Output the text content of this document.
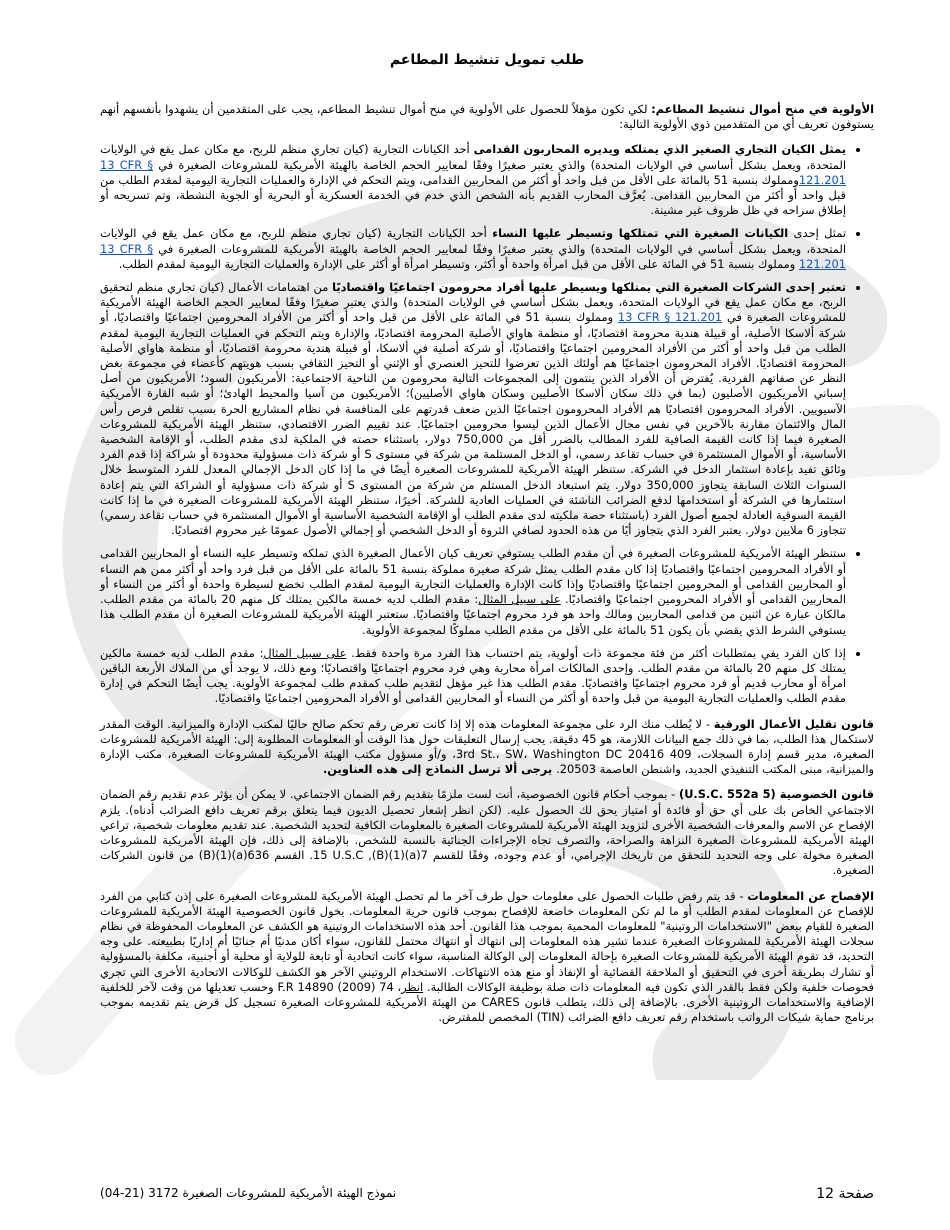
طلب تمويل تنشيط المطاعم

الأولوية في منح أموال تنشيط المطاعم: لكي تكون مؤهلاً للحصول على الأولوية في منح أموال تنشيط المطاعم، يجب على المتقدمين أن يشهدوا بأنفسهم أنهم يستوفون تعريف أي من المتقدمين ذوي الأولوية التالية:

• يمثل الكيان التجاري الصغير الذي يمتلكه ويديره المحاربون القدامى أحد الكيانات التجارية (كيان تجاري منظم للربح، مع مكان عمل يقع في الولايات المتحدة، ويعمل بشكل أساسي في الولايات المتحدة) والذي يعتبر صغيرًا وفقًا لمعايير الحجم الخاصة بالهيئة الأمريكية للمشروعات الصغيرة في 13 CFR § 121.201ومملوك بنسبة 51 بالمائة على الأقل من قبل واحد أو أكثر من المحاربين القدامى، ويتم التحكم في الإدارة والعمليات التجارية اليومية لمقدم الطلب من قبل واحد أو أكثر من المحاربين القدامى. يُعرَّف المحارب القديم بأنه الشخص الذي خدم في الخدمة العسكرية أو البحرية أو الجوية النشطة، وتم تسريحه أو إطلاق سراحه في ظل ظروف غير مشينة.
• تمثل إحدى الكيانات الصغيرة التي تمتلكها وتسيطر عليها النساء أحد الكيانات التجارية (كيان تجاري منظم للربح، مع مكان عمل يقع في الولايات المتحدة، ويعمل بشكل أساسي في الولايات المتحدة) والذي يعتبر صغيرًا وفقًا لمعايير الحجم الخاصة بالهيئة الأمريكية للمشروعات الصغيرة في 13 CFR § 121.201 ومملوك بنسبة 51 في المائة على الأقل من قبل امرأة واحدة أو أكثر، وتسيطر امرأة أو أكثر على الإدارة والعمليات التجارية اليومية لمقدم الطلب.
• تعتبر إحدى الشركات الصغيرة التي يمتلكها ويسيطر عليها أفراد محرومون اجتماعيًا واقتصاديًا من اهتمامات الأعمال (كيان تجاري منظم لتحقيق الربح، مع مكان عمل يقع في الولايات المتحدة، ويعمل بشكل أساسي في الولايات المتحدة) والذي يعتبر صغيرًا وفقًا لمعايير الحجم الخاصة الهيئة الأمريكية للمشروعات الصغيرة في 13 CFR § 121.201 ومملوك بنسبة 51 في المائة على الأقل من قبل واحد أو أكثر من الأفراد المحرومين اجتماعيًا واقتصاديًا، أو شركة ألاسكا الأصلية، أو قبيلة هندية محرومة اقتصاديًا، أو منظمة هاواي الأصلية المحرومة اقتصاديًا، والإدارة ويتم التحكم في العمليات التجارية اليومية لمقدم الطلب من قبل واحد أو أكثر من الأفراد المحرومين اجتماعيًا واقتصاديًا، أو شركة أصلية في ألاسكا، أو قبيلة هندية محرومة اقتصاديًا، أو منظمة هاواي الأصلية المحرومة اقتصاديًا. الأفراد المحرومون اجتماعيًا هم أولئك الذين تعرضوا للتحيز العنصري أو الإثني أو التحيز الثقافي بسبب هويتهم كأعضاء في مجموعة بغض النظر عن صفاتهم الفردية. يُفترض أن الأفراد الذين ينتمون إلى المجموعات التالية محرومون من الناحية الاجتماعية: الأمريكيون السود؛ الأمريكيون من أصل إسباني الأمريكيون الأصليون (بما في ذلك سكان ألاسكا الأصليين وسكان هاواي الأصليين)؛ الأمريكيون من آسيا والمحيط الهادئ؛ أو شبه القارة الأمريكية الآسيويين. الأفراد المحرومون اقتصاديًا هم الأفراد المحرومون اجتماعيًا الذين ضعف قدرتهم على المنافسة في نظام المشاريع الحرة بسبب تقلص فرص رأس المال والائتمان مقارنة بالآخرين في نفس مجال الأعمال الذين ليسوا محرومين اجتماعيًا. عند تقييم الضرر الاقتصادي، ستنظر الهيئة الأمريكية للمشروعات الصغيرة فيما إذا كانت القيمة الصافية للفرد المطالب بالضرر أقل من 750,000 دولار، باستثناء حصته في الملكية لدى مقدم الطلب، أو الإقامة الشخصية الأساسية، أو الأموال المستثمرة في حساب تقاعد رسمي، أو الدخل المستلمة من شركة في مستوى S أو شركة ذات مسؤولية محدودة أو شراكة إذا قدم الفرد وثائق تفيد بإعادة استثمار الدخل في الشركة. ستنظر الهيئة الأمريكية للمشروعات الصغيرة أيضًا في ما إذا كان الدخل الإجمالي المعدل للفرد المتوسط خلال السنوات الثلاث السابقة يتجاوز 350,000 دولار. يتم استبعاد الدخل المستلم من شركة من المستوى S أو شركة ذات مسؤولية أو الشراكة التي يتم إعادة استثمارها في الشركة أو استخدامها لدفع الضرائب الناشئة في العمليات العادية للشركة. أخيرًا، ستنظر الهيئة الأمريكية للمشروعات الصغيرة في ما إذا كانت القيمة السوقية العادلة لجميع أصول الفرد (باستثناء حصة ملكيته لدى مقدم الطلب أو الإقامة الشخصية الأساسية أو الأموال المستثمرة في حساب تقاعد رسمي) تتجاوز 6 ملايين دولار. يعتبر الفرد الذي يتجاوز أيًا من هذه الحدود لصافي الثروة أو الدخل الشخصي أو إجمالي الأصول عمومًا غير محروم اقتصاديًا.
• ستنظر الهيئة الأمريكية للمشروعات الصغيرة في أن مقدم الطلب يستوفي تعريف كيان الأعمال الصغيرة الذي تملكه وتسيطر عليه النساء أو المحاربين القدامى أو الأفراد المحرومين اجتماعيًا واقتصاديًا إذا كان مقدم الطلب يمثل شركة صغيرة مملوكة بنسبة 51 بالمائة على الأقل من قبل فرد واحد أو أكثر ممن هم النساء أو المحاربين القدامى أو المحرومين اجتماعيًا واقتصاديًا وإذا كانت الإدارة والعمليات التجارية اليومية لمقدم الطلب تخضع لسيطرة واحدة أو أكثر من النساء أو المحاربين القدامى أو الأفراد المحرومين اجتماعيًا واقتصاديًا. على سبيل المثال: مقدم الطلب لديه خمسة مالكين يمتلك كل منهم 20 بالمائة من مقدم الطلب. مالكان عبارة عن اثنين من قدامى المحاربين ومالك واحد هو فرد محروم اجتماعيًا واقتصاديًا. ستعتبر الهيئة الأمريكية للمشروعات الصغيرة أن مقدم الطلب هذا يستوفي الشرط الذي يقضي بأن يكون 51 بالمائة على الأقل من مقدم الطلب مملوكًا لمجموعة الأولوية.
• إذا كان الفرد يفي بمتطلبات أكثر من فئة مجموعة ذات أولوية، يتم احتساب هذا الفرد مرة واحدة فقط. على سبيل المثال: مقدم الطلب لديه خمسة مالكين يمتلك كل منهم 20 بالمائة من مقدم الطلب. وإحدى المالكات امرأة محاربة وهي فرد محروم اجتماعيًا واقتصاديًا؛ ومع ذلك، لا يوجد أي من الملاك الأربعة الباقين امرأة أو محارب قديم أو فرد محروم اجتماعيًا واقتصاديًا. مقدم الطلب هذا غير مؤهل لتقديم طلب كمقدم طلب لمجموعة الأولوية. يجب أيضًا التحكم في إدارة مقدم الطلب والعمليات التجارية اليومية من قبل واحدة أو أكثر من النساء أو المحاربين القدامى أو الأفراد المحرومين اجتماعيًا واقتصاديًا.

قانون تقليل الأعمال الورقية - لا يُطلب منك الرد على مجموعة المعلومات هذه إلا إذا كانت تعرض رقم تحكم صالح حاليًا لمكتب الإدارة والميزانية. الوقت المقدر لاستكمال هذا الطلب، بما في ذلك جمع البيانات اللازمة، هو 45 دقيقة. يجب إرسال التعليقات حول هذا الوقت أو المعلومات المطلوبة إلى: الهيئة الأمريكية للمشروعات الصغيرة، مدير قسم إدارة السجلات، 409 3rd St.، SW، Washington DC 20416، و/أو مسؤول مكتب الهيئة الأمريكية للمشروعات الصغيرة، مكتب الإدارة والميزانية، مبنى المكتب التنفيذي الجديد، واشنطن العاصمة 20503. يرجى ألا ترسل النماذج إلى هذه العناوين.

قانون الخصوصية (5 U.S.C. 552a) - بموجب أحكام قانون الخصوصية، أنت لست ملزمًا بتقديم رقم الضمان الاجتماعي. لا يمكن أن يؤثر عدم تقديم رقم الضمان الاجتماعي الخاص بك على أي حق أو فائدة أو امتياز يحق لك الحصول عليه. (لكن انظر إشعار تحصيل الديون فيما يتعلق برقم تعريف دافع الضرائب أدناه). يلزم الإفصاح عن الاسم والمعرفات الشخصية الأخرى لتزويد الهيئة الأمريكية للمشروعات الصغيرة بالمعلومات الكافية لتحديد الشخصية. عند تقديم معلومات شخصية، تراعي الهيئة الأمريكية للمشروعات الصغيرة النزاهة والصراحة، والتصرف تجاه الإجراءات الجنائية بالنسبة للشخص. بالإضافة إلى ذلك، فإن الهيئة الأمريكية للمشروعات الصغيرة مخولة على وجه التحديد للتحقق من تاريخك الإجرامي، أو عدم وجوده، وفقًا للقسم 7(a)(1)(B), 15 U.S.C. القسم 636(a)(1)(B) من قانون الشركات الصغيرة.

الإفصاح عن المعلومات - قد يتم رفض طلبات الحصول على معلومات حول طرف آخر ما لم تحصل الهيئة الأمريكية للمشروعات الصغيرة على إذن كتابي من الفرد للإفصاح عن المعلومات لمقدم الطلب أو ما لم تكن المعلومات خاضعة للإفصاح بموجب قانون حرية المعلومات. يخول قانون الخصوصية الهيئة الأمريكية للمشروعات الصغيرة للقيام ببعض "الاستخدامات الروتينية" للمعلومات المحمية بموجب هذا القانون. أحد هذه الاستخدامات الروتينية هو الكشف عن المعلومات المحفوظة في نظام سجلات الهيئة الأمريكية للمشروعات الصغيرة عندما تشير هذه المعلومات إلى انتهاك أو انتهاك محتمل للقانون، سواء أكان مدنيًا أم جنائيًا أم إداريًا بطبيعته. على وجه التحديد، قد تقوم الهيئة الأمريكية للمشروعات الصغيرة بإحالة المعلومات إلى الوكالة المناسبة، سواء كانت اتحادية أو تابعة للولاية أو محلية أو أجنبية، مكلفة بالمسؤولية أو تشارك بطريقة أخرى في التحقيق أو الملاحقة القضائية أو الإنفاذ أو منع هذه الانتهاكات. الاستخدام الروتيني الآخر هو الكشف للوكالات الاتحادية الأخرى التي تجري فحوصات خلفية ولكن فقط بالقدر الذي تكون فيه المعلومات ذات صلة بوظيفة الوكالات الطالبة. انظر، 74 F.R 14890 (2009) وحسب تعديلها من وقت لآخر للخلفية الإضافية والاستخدامات الروتينية الأخرى. بالإضافة إلى ذلك، يتطلب قانون CARES من الهيئة الأمريكية للمشروعات الصغيرة تسجيل كل قرض يتم تقديمه بموجب برنامج حماية شيكات الرواتب باستخدام رقم تعريف دافع الضرائب (TIN) المخصص للمقترض.

نموذج الهيئة الأمريكية للمشروعات الصغيرة 3172 (21-04)	صفحة 12
